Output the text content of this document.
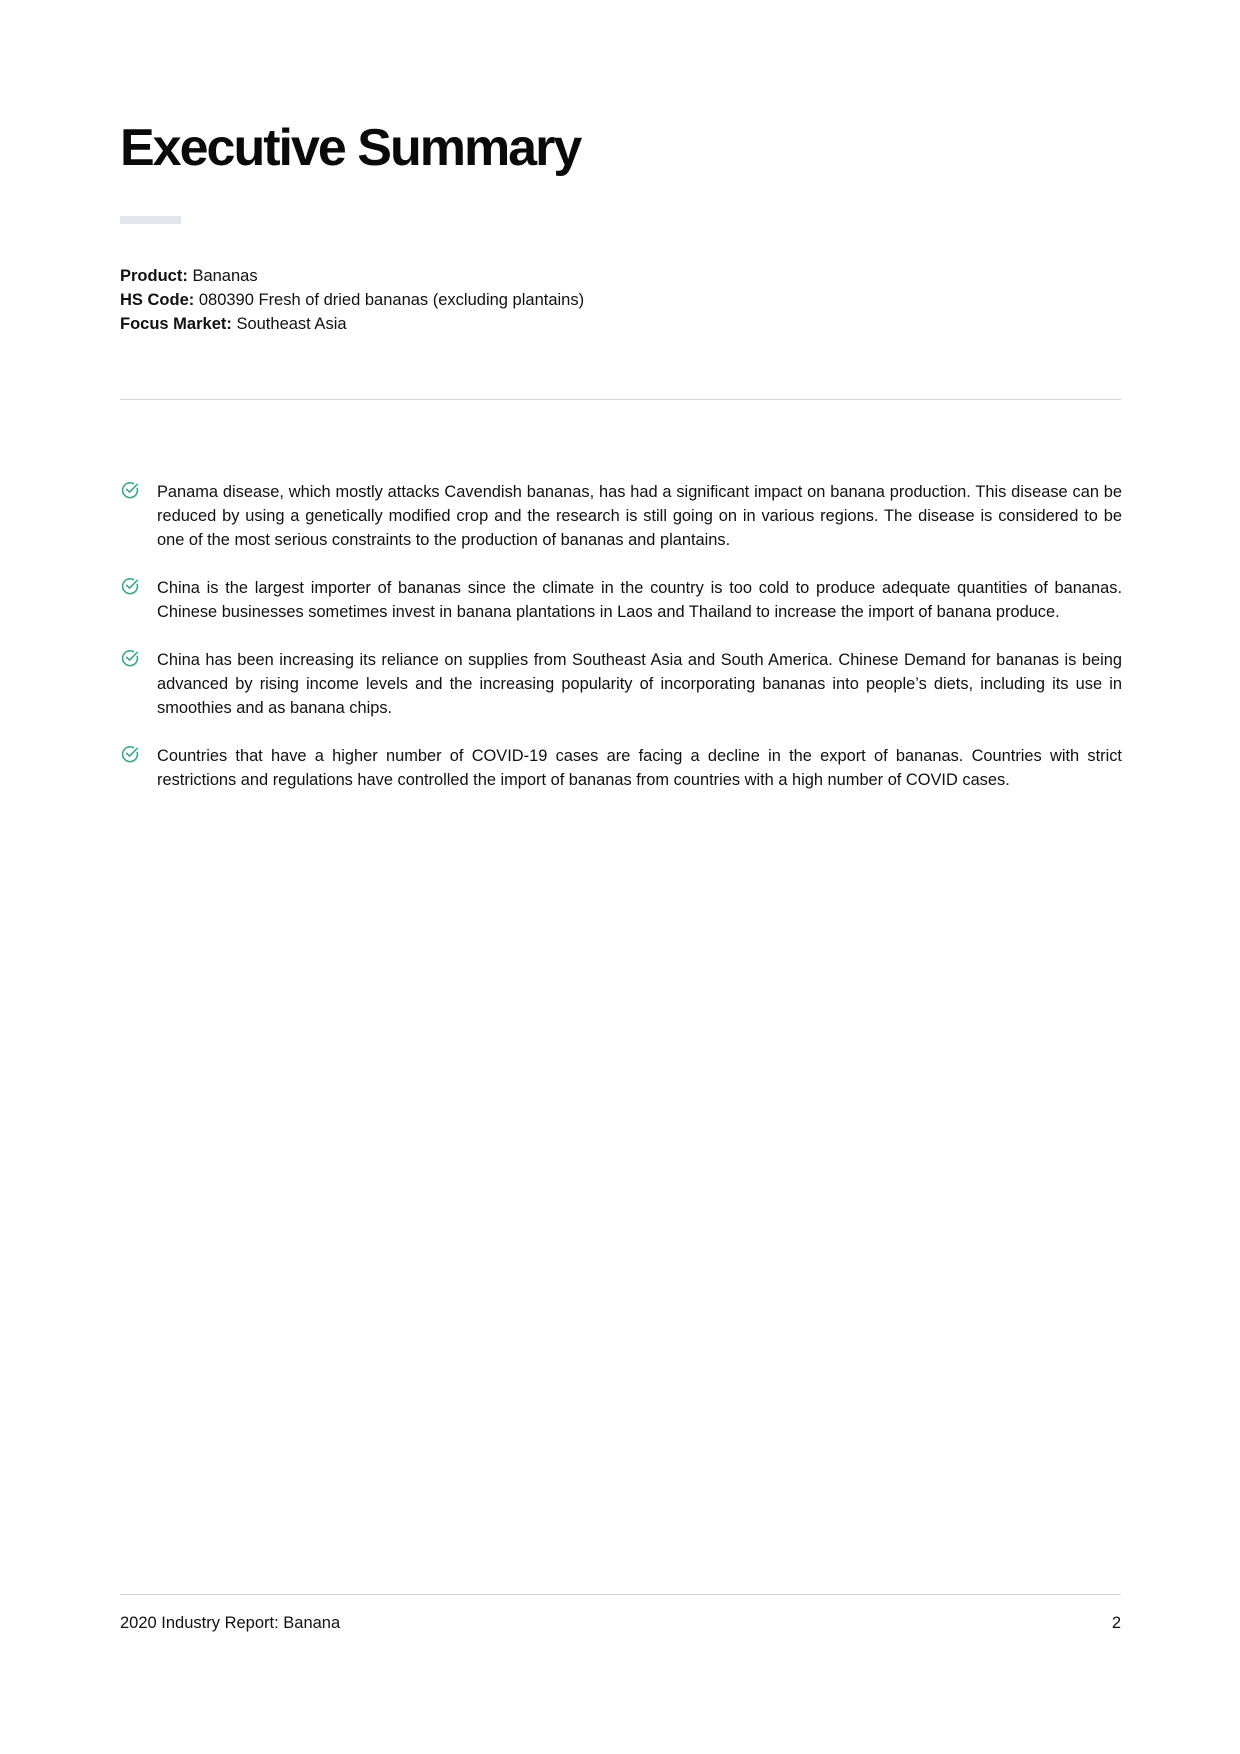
Executive Summary
Product: Bananas
HS Code: 080390 Fresh of dried bananas (excluding plantains)
Focus Market: Southeast Asia
Panama disease, which mostly attacks Cavendish bananas, has had a significant impact on banana production. This disease can be reduced by using a genetically modified crop and the research is still going on in various regions. The disease is considered to be one of the most serious constraints to the production of bananas and plantains.
China is the largest importer of bananas since the climate in the country is too cold to produce adequate quantities of bananas. Chinese businesses sometimes invest in banana plantations in Laos and Thailand to increase the import of banana produce.
China has been increasing its reliance on supplies from Southeast Asia and South America. Chinese Demand for bananas is being advanced by rising income levels and the increasing popularity of incorporating bananas into people’s diets, including its use in smoothies and as banana chips.
Countries that have a higher number of COVID-19 cases are facing a decline in the export of bananas. Countries with strict restrictions and regulations have controlled the import of bananas from countries with a high number of COVID cases.
2020 Industry Report: Banana	2
